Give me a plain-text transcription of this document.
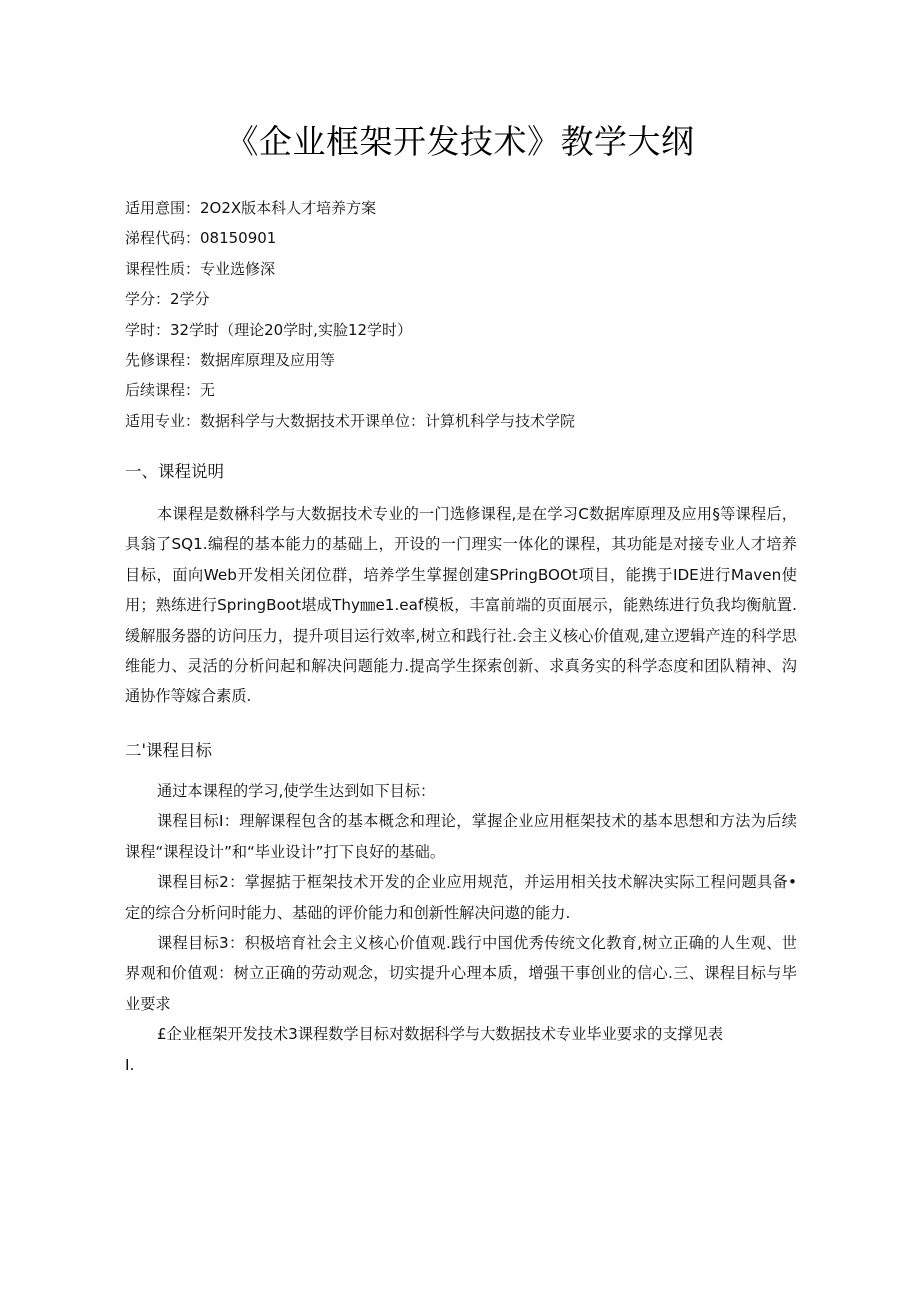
《企业框架开发技术》教学大纲
适用意围：2O2X版本科人才培养方案
涕程代码：08150901
课程性质：专业选修深
学分：2学分
学时：32学时（理论20学时,实脸12学时）
先修课程：数据库原理及应用等
后续课程：无
适用专业：数据科学与大数据技术开课单位：计算机科学与技术学院
一、课程说明

本课程是数楙科学与大数据技术专业的一门选修课程,是在学习C数据库原理及应用§等课程后，具翁了SQ1.编程的基本能力的基础上，开设的一门理实一体化的课程，其功能是对接专业人才培养目标，面向Web开发相关闭位群，培养学生掌握创建SPringBOOt项目，能携于IDE进行Maven使用；熟练进行SpringBoot堪成Thy㎜e1.eaf模板，丰富前端的页面展示，能熟练进行负我均衡航置.缓解服务器的访问压力，提升项目运行效率,树立和践行社.会主义核心价值观,建立逻辑产连的科学思维能力、灵活的分析问起和解决问题能力.提高学生探索创新、求真务实的科学态度和团队精神、沟通协作等嫁合素质.

二'课程目标

通过本课程的学习,使学生达到如下目标：

课程目标I：理解课程包含的基本概念和理论，掌握企业应用框架技术的基本思想和方法为后续课程“课程设计”和“毕业设计”打下良好的基础。

课程目标2：掌握掂于框架技术开发的企业应用规范，并运用相关技术解决实际工程问题具备•定的综合分析问时能力、基础的评价能力和创新性解决问遨的能力.

课程目标3：积极培育社会主义核心价值观.践行中国优秀传统文化教育,树立正确的人生观、世界观和价值观：树立正确的劳动观念，切实提升心理本质，增强干事创业的信心.三、课程目标与毕业要求

£企业框架开发技术3课程数学目标对数据科学与大数据技术专业毕业要求的支撑见表

I.
